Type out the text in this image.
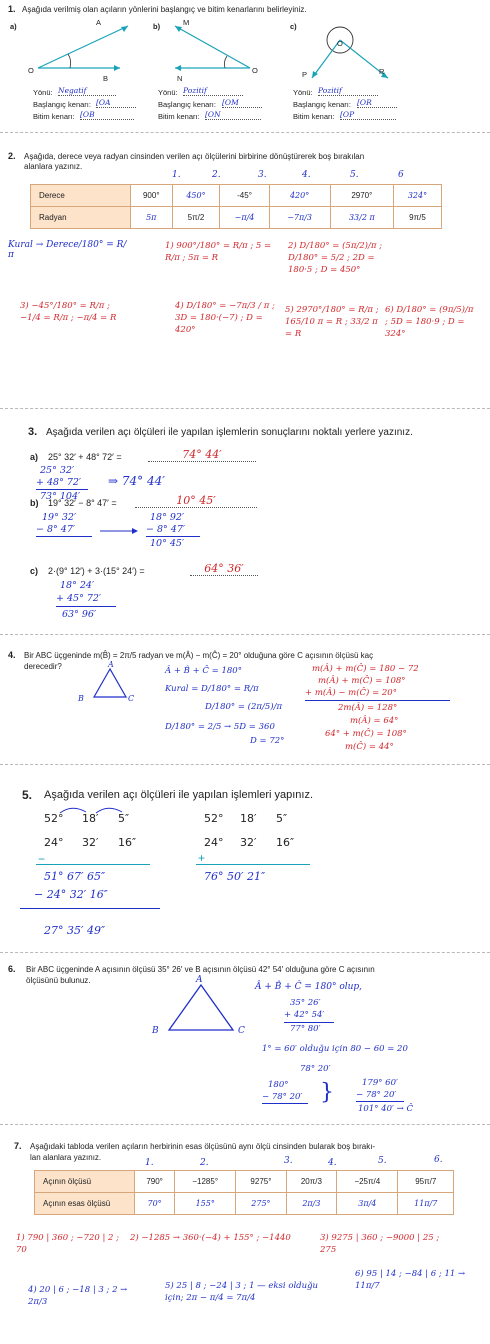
1. Aşağıda verilmiş olan açıların yönlerini başlangıç ve bitim kenarlarını belirleyiniz.
a)	A
O
B
Yönü: Negatif
Başlangıç kenarı: [OA
Bitim kenarı: [OB
b)	M
O
N
Yönü: Pozitif
Başlangıç kenarı: [OM
Bitim kenarı: [ON
c)
O
P	R
Yönü: Pozitif
Başlangıç kenarı: [OR
Bitim kenarı: [OP
2. Aşağıda, derece veya radyan cinsinden verilen açı ölçülerini birbirine dönüştürerek boş bırakılan
alanlara yazınız.
1.	2.	3.	4.	5.	6
Derece	900°	450°	-45°	420°	2970°	324°
Radyan	5π	5π/2	−π/4	−7π/3	33/2 π	9π/5
Kural → Derece/180° = R/π
1) 900°/180° = R/π ; 5 = R/π ; 5π = R
2) D/180° = (5π/2)/π ; D/180° = 5/2 ; 2D = 180·5 ; D = 450°
3) −45°/180° = R/π ; −1/4 = R/π ; −π/4 = R
4) D/180° = −7π/3 / π ; 3D = 180·(−7) ; D = 420°
5) 2970°/180° = R/π ; 165/10 π = R ; 33/2 π = R
6) D/180° = (9π/5)/π ; 5D = 180·9 ; D = 324°
3. Aşağıda verilen açı ölçüleri ile yapılan işlemlerin sonuçlarını noktalı yerlere yazınız.
a) 25° 32′ + 48° 72′ =	74° 44′
25° 32′
+ 48° 72′
73° 104′
⇒ 74° 44′
b) 19° 32′ − 8° 47′ =	10° 45′
19° 32′
− 8° 47′
18° 92′
− 8° 47′
10° 45′
c) 2·(9° 12′) + 3·(15° 24′) =	64° 36′
18° 24′
+ 45° 72′
63° 96′
4. Bir ABC üçgeninde m(B̂) = 2π/5 radyan ve m(Â) − m(Ĉ) = 20° olduğuna göre C açısının ölçüsü kaç
derecedir?	A
B	C
Â + B̂ + Ĉ = 180°
Kural = D/180° = R/π
D/180° = (2π/5)/π
D/180° = 2/5 → 5D = 360
D = 72°
m(Â) + m(Ĉ) = 180 − 72
m(Â) + m(Ĉ) = 108°
+ m(Â) − m(Ĉ) = 20°
2m(Â) = 128°
m(Â) = 64°
64° + m(Ĉ) = 108°
m(Ĉ) = 44°
5. Aşağıda verilen açı ölçüleri ile yapılan işlemleri yapınız.
52° 18′ 5″
24° 32′ 16″
−
51° 67′ 65″
− 24° 32′ 16″
27° 35′ 49″
52° 18′ 5″
24° 32′ 16″
+
76° 50′ 21″
6. Bir ABC üçgeninde A açısının ölçüsü 35° 26′ ve B açısının ölçüsü 42° 54′ olduğuna göre C açısının
ölçüsünü bulunuz.	A
B	C
Â + B̂ + Ĉ = 180° olup,
35° 26′
+ 42° 54′
77° 80′
1° = 60′ olduğu için 80 − 60 = 20
78° 20′
180°
− 78° 20′
179° 60′
− 78° 20′
101° 40′ → Ĉ
}
7. Aşağıdaki tabloda verilen açıların herbirinin esas ölçüsünü aynı ölçü cinsinden bularak boş bırakı-
lan alanlara yazınız.
1.	2.	3.	4.	5.	6.
Açının ölçüsü	790°	−1285°	9275°	20π/3	−25π/4	95π/7
Açının esas ölçüsü	70°	155°	275°	2π/3	3π/4	11π/7
1) 790 | 360 ; −720 | 2 ; 70
2) −1285 → 360·(−4) + 155° ; −1440	3) 9275 | 360 ; −9000 | 25 ; 275
4) 20 | 6 ; −18 | 3 ; 2 → 2π/3
5) 25 | 8 ; −24 | 3 ; 1 — eksi olduğu için; 2π − π/4 = 7π/4
6) 95 | 14 ; −84 | 6 ; 11 → 11π/7
